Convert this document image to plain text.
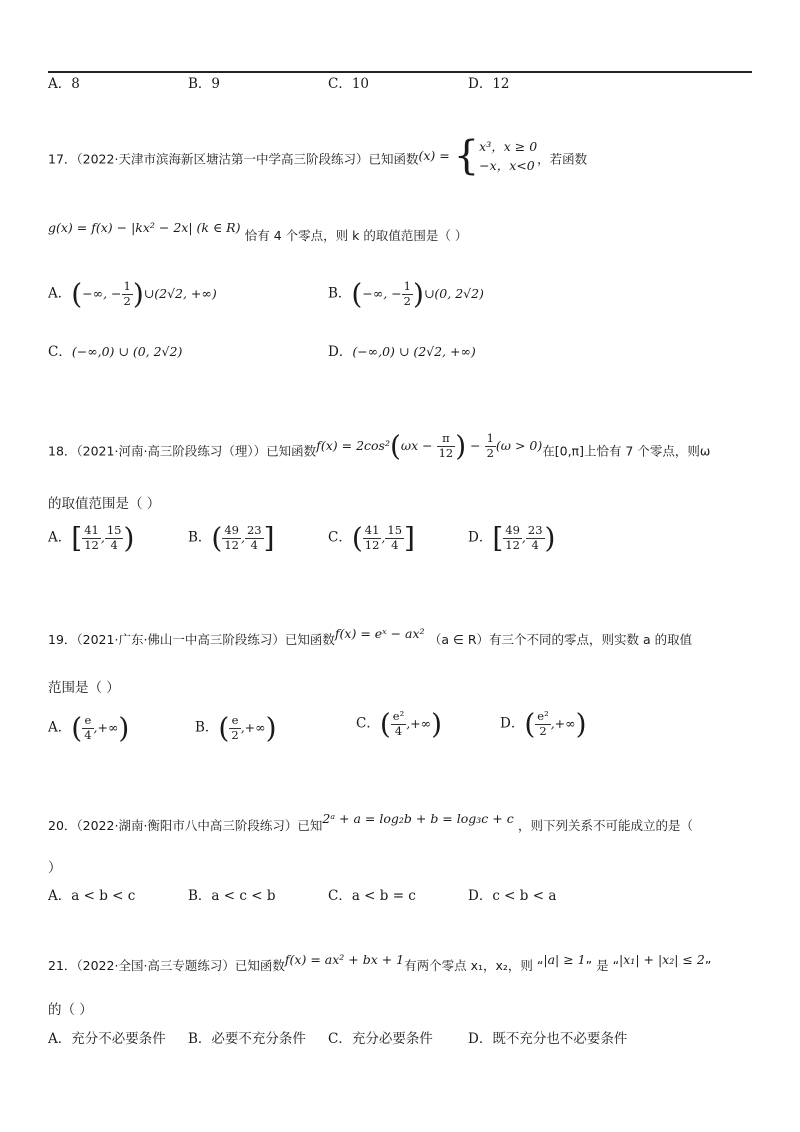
A．8	B．9	C．10	D．12
17．（2022·天津市滨海新区塘沽第一中学高三阶段练习）已知函数(x) = { x³，x ≥ 0
−x，x<0 ，若函数
g(x) = f(x) − |kx² − 2x| (k ∈ R) 恰有 4 个零点，则 k 的取值范围是（ ）
A．(−∞, − $\frac{1}{2}$ )∪(2√2, +∞)	B．(−∞, − $\frac{1}{2}$ )∪(0, 2√2)
C．(−∞,0) ∪ (0, 2√2)	D．(−∞,0) ∪ (2√2, +∞)
18．（2021·河南·高三阶段练习（理））已知函数$f(x) = 2\cos^2(\omega x - \frac{\pi}{12}$ ) − $\frac{1}{2} (\omega > 0)$在[0,π]上恰有 7 个零点，则ω
的取值范围是（ ）
A．[ $\frac{41}{12}$ , $\frac{15}{4}$ )	B．( $\frac{49}{12}$ , $\frac{23}{4}$ ]	C．( $\frac{41}{12}$ , $\frac{15}{4}$ ]	D．[ $\frac{49}{12}$ , $\frac{23}{4}$ )
19．（2021·广东·佛山一中高三阶段练习）已知函数f(x) = eˣ − ax² （a ∈ R）有三个不同的零点，则实数 a 的取值
范围是（ ）
A．( $\frac{e}{4}$ ,+∞)	B．( $\frac{e}{2}$ ,+∞)	C．( $\frac{\text{e²}}{4}$ ,+∞)	D．( $\frac{\text{e²}}{2}$ ,+∞)
20．（2022·湖南·衡阳市八中高三阶段练习）已知2ᵃ + a = log₂b + b = log₃c + c ，则下列关系不可能成立的是（
）
A．a < b < c	B．a < c < b	C．a < b = c	D．c < b < a
21．（2022·全国·高三专题练习）已知函数f(x) = ax² + bx + 1有两个零点 x₁，x₂，则 “|a| ≥ 1” 是 “|x₁| + |x₂| ≤ 2”
的（ ）
A．充分不必要条件 B．必要不充分条件 C．充分必要条件	D．既不充分也不必要条件
